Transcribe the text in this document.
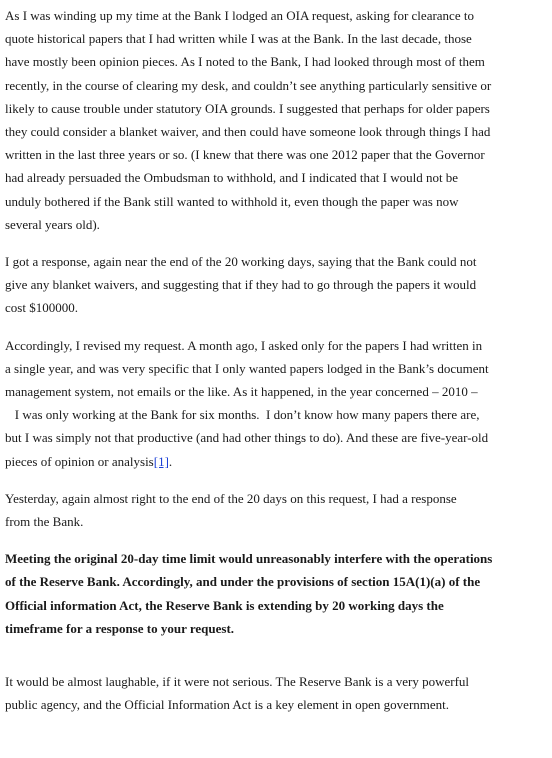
As I was winding up my time at the Bank I lodged an OIA request, asking for clearance to
quote historical papers that I had written while I was at the Bank. In the last decade, those
have mostly been opinion pieces. As I noted to the Bank, I had looked through most of them
recently, in the course of clearing my desk, and couldn’t see anything particularly sensitive or
likely to cause trouble under statutory OIA grounds. I suggested that perhaps for older papers
they could consider a blanket waiver, and then could have someone look through things I had
written in the last three years or so. (I knew that there was one 2012 paper that the Governor
had already persuaded the Ombudsman to withhold, and I indicated that I would not be
unduly bothered if the Bank still wanted to withhold it, even though the paper was now
several years old).

I got a response, again near the end of the 20 working days, saying that the Bank could not
give any blanket waivers, and suggesting that if they had to go through the papers it would
cost $100000.

Accordingly, I revised my request. A month ago, I asked only for the papers I had written in
a single year, and was very specific that I only wanted papers lodged in the Bank’s document
management system, not emails or the like. As it happened, in the year concerned – 2010 –
I was only working at the Bank for six months.  I don’t know how many papers there are,
but I was simply not that productive (and had other things to do). And these are five-year-old
pieces of opinion or analysis[1].

Yesterday, again almost right to the end of the 20 days on this request, I had a response
from the Bank.

Meeting the original 20-day time limit would unreasonably interfere with the operations
of the Reserve Bank. Accordingly, and under the provisions of section 15A(1)(a) of the
Official information Act, the Reserve Bank is extending by 20 working days the
timeframe for a response to your request.

It would be almost laughable, if it were not serious. The Reserve Bank is a very powerful
public agency, and the Official Information Act is a key element in open government.
